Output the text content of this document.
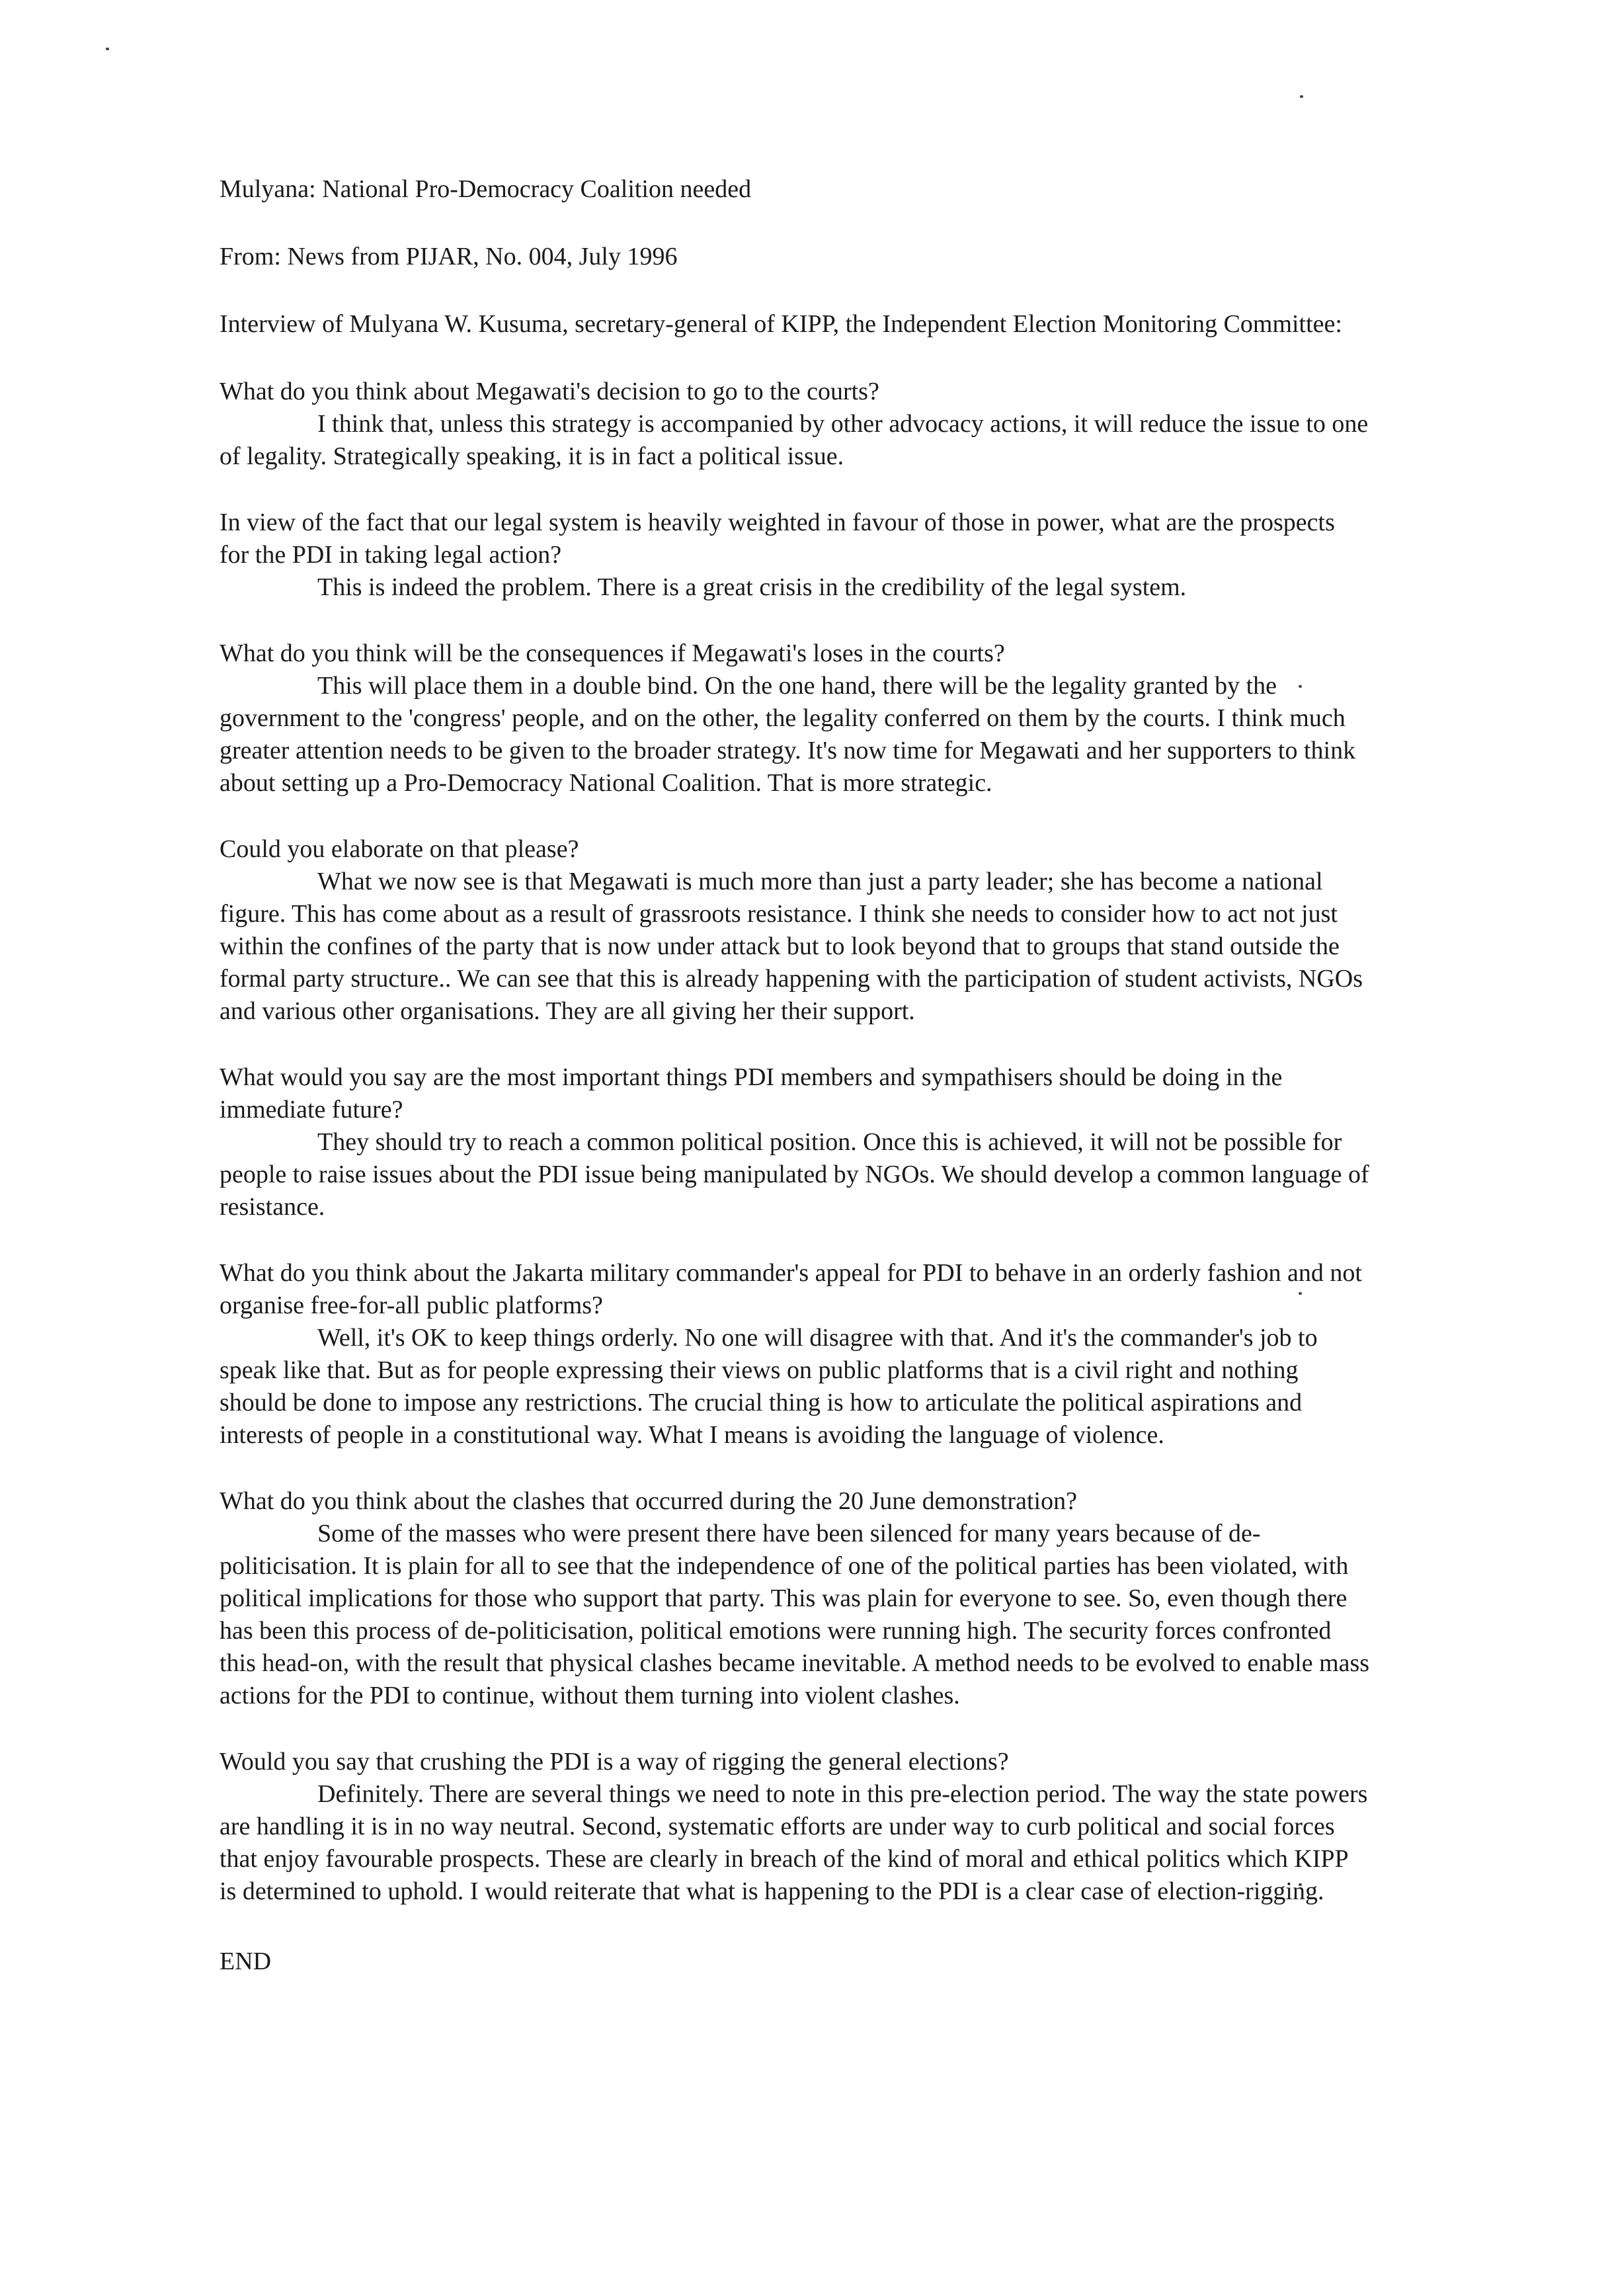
Mulyana: National Pro-Democracy Coalition needed

From: News from PIJAR, No. 004, July 1996

Interview of Mulyana W. Kusuma, secretary-general of KIPP, the Independent Election Monitoring Committee:

What do you think about Megawati's decision to go to the courts?

I think that, unless this strategy is accompanied by other advocacy actions, it will reduce the issue to one of legality. Strategically speaking, it is in fact a political issue.

In view of the fact that our legal system is heavily weighted in favour of those in power, what are the prospects for the PDI in taking legal action?

This is indeed the problem. There is a great crisis in the credibility of the legal system.

What do you think will be the consequences if Megawati's loses in the courts?

This will place them in a double bind. On the one hand, there will be the legality granted by the government to the 'congress' people, and on the other, the legality conferred on them by the courts. I think much greater attention needs to be given to the broader strategy. It's now time for Megawati and her supporters to think about setting up a Pro-Democracy National Coalition. That is more strategic.

Could you elaborate on that please?

What we now see is that Megawati is much more than just a party leader; she has become a national figure. This has come about as a result of grassroots resistance. I think she needs to consider how to act not just within the confines of the party that is now under attack but to look beyond that to groups that stand outside the formal party structure.. We can see that this is already happening with the participation of student activists, NGOs and various other organisations. They are all giving her their support.

What would you say are the most important things PDI members and sympathisers should be doing in the immediate future?

They should try to reach a common political position. Once this is achieved, it will not be possible for people to raise issues about the PDI issue being manipulated by NGOs. We should develop a common language of resistance.

What do you think about the Jakarta military commander's appeal for PDI to behave in an orderly fashion and not organise free-for-all public platforms?

Well, it's OK to keep things orderly. No one will disagree with that. And it's the commander's job to speak like that. But as for people expressing their views on public platforms that is a civil right and nothing should be done to impose any restrictions. The crucial thing is how to articulate the political aspirations and interests of people in a constitutional way. What I means is avoiding the language of violence.

What do you think about the clashes that occurred during the 20 June demonstration?

Some of the masses who were present there have been silenced for many years because of de-politicisation. It is plain for all to see that the independence of one of the political parties has been violated, with political implications for those who support that party. This was plain for everyone to see. So, even though there has been this process of de-politicisation, political emotions were running high. The security forces confronted this head-on, with the result that physical clashes became inevitable. A method needs to be evolved to enable mass actions for the PDI to continue, without them turning into violent clashes.

Would you say that crushing the PDI is a way of rigging the general elections?

Definitely. There are several things we need to note in this pre-election period. The way the state powers are handling it is in no way neutral. Second, systematic efforts are under way to curb political and social forces that enjoy favourable prospects. These are clearly in breach of the kind of moral and ethical politics which KIPP is determined to uphold. I would reiterate that what is happening to the PDI is a clear case of election-rigging.

END
